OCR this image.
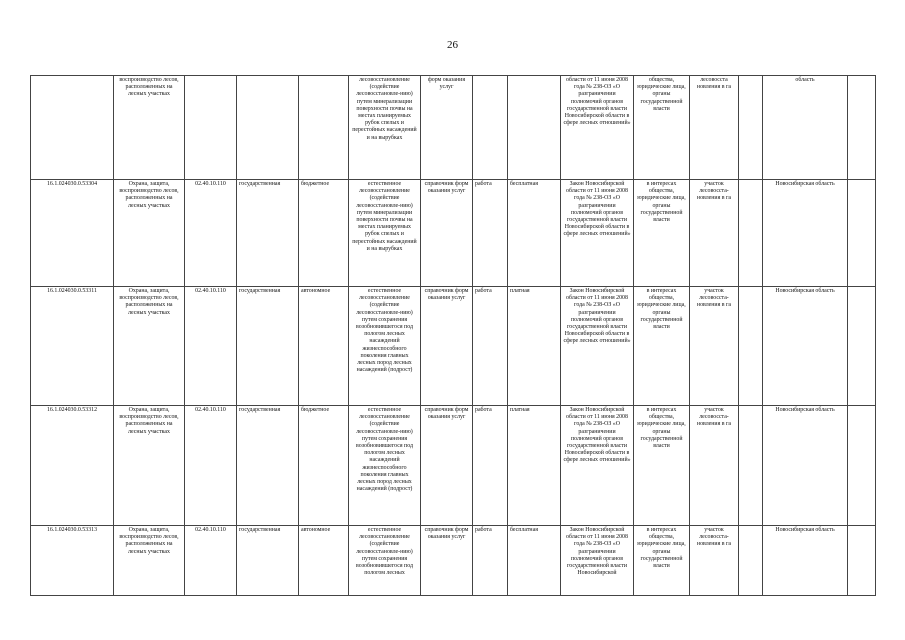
26
	воспроизводство лесов, расположенных на лесных участках				лесовосстановление (содействие лесовосстановле-нию) путем минерализации поверхности почвы на местах планируемых рубок спелых и перестойных насаждений и на вырубках	форм оказания услуг			области от 11 июня 2008 года № 238-ОЗ «О разграничении полномочий органов государственной власти Новосибирской области в сфере лесных отношений»	общества, юридические лица, органы государственной власти	лесовосста новления в га		область	
16.1.024030.0.53304	Охрана, защита, воспроизводство лесов, расположенных на лесных участках	02.40.10.110	государственная	бюджетное	естественное лесовосстановление (содействие лесовосстановле-нию) путем минерализации поверхности почвы на местах планируемых рубок спелых и перестойных насаждений и на вырубках	справочник форм оказания услуг	работа	бесплатная	Закон Новосибирской области от 11 июня 2008 года № 238-ОЗ «О разграничении полномочий органов государственной власти Новосибирской области в сфере лесных отношений»	в интересах общества, юридические лица, органы государственной власти	участок лесовосста-новления в га		Новосибирская область	
16.1.024030.0.53311	Охрана, защита, воспроизводство лесов, расположенных на лесных участках	02.40.10.110	государственная	автономное	естественное лесовосстановление (содействие лесовосстановле-нию) путем сохранения возобновившегося под пологом лесных насаждений жизнеспособного поколения главных лесных пород лесных насаждений (подрост)	справочник форм оказания услуг	работа	платная	Закон Новосибирской области от 11 июня 2008 года № 238-ОЗ «О разграничении полномочий органов государственной власти Новосибирской области в сфере лесных отношений»	в интересах общества, юридические лица, органы государственной власти	участок лесовосста-новления в га		Новосибирская область	
16.1.024030.0.53312	Охрана, защита, воспроизводство лесов, расположенных на лесных участках	02.40.10.110	государственная	бюджетное	естественное лесовосстановление (содействие лесовосстановле-нию) путем сохранения возобновившегося под пологом лесных насаждений жизнеспособного поколения главных лесных пород лесных насаждений (подрост)	справочник форм оказания услуг	работа	платная	Закон Новосибирской области от 11 июня 2008 года № 238-ОЗ «О разграничении полномочий органов государственной власти Новосибирской области в сфере лесных отношений»	в интересах общества, юридические лица, органы государственной власти	участок лесовосста-новления в га		Новосибирская область	
16.1.024030.0.53313	Охрана, защита, воспроизводство лесов, расположенных на лесных участках	02.40.10.110	государственная	автономное	естественное лесовосстановление (содействие лесовосстановле-нию) путем сохранения возобновившегося под пологом лесных	справочник форм оказания услуг	работа	бесплатная	Закон Новосибирской области от 11 июня 2008 года № 238-ОЗ «О разграничении полномочий органов государственной власти Новосибирской	в интересах общества, юридические лица, органы государственной власти	участок лесовосста-новления в га		Новосибирская область	
